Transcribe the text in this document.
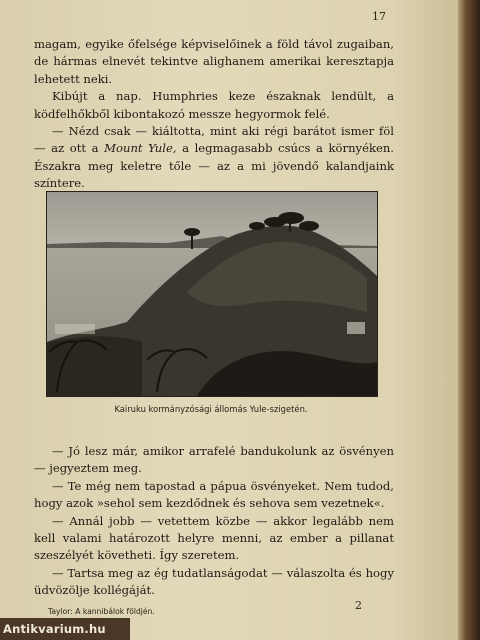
17

magam, egyike őfelsége képviselőinek a föld távol zugaiban, de hármas elnevét tekintve alighanem amerikai keresztapja lehetett neki.

Kibújt a nap. Humphries keze északnak lendült, a ködfelhőkből kibontakozó messze hegyormok felé.

— Nézd csak — kiáltotta, mint aki régi barátot ismer föl — az ott a Mount Yule, a legmagasabb csúcs a környéken. Északra meg keletre tőle — az a mi jövendő kalandjaink színtere.

Kairuku kormányzósági állomás Yule-szigetén.

— Jó lesz már, amikor arrafelé bandukolunk az ösvényen — jegyeztem meg.

— Te még nem tapostad a pápua ösvényeket. Nem tudod, hogy azok »sehol sem kezdődnek és sehova sem vezetnek«.

— Annál jobb — vetettem közbe — akkor legalább nem kell valami határozott helyre menni, az ember a pillanat szeszélyét követheti. Így szeretem.

— Tartsa meg az ég tudatlanságodat — válaszolta és hogy üdvözölje kollégáját.

Taylor: A kannibálok földjén.	2
Antikvarium.hu
